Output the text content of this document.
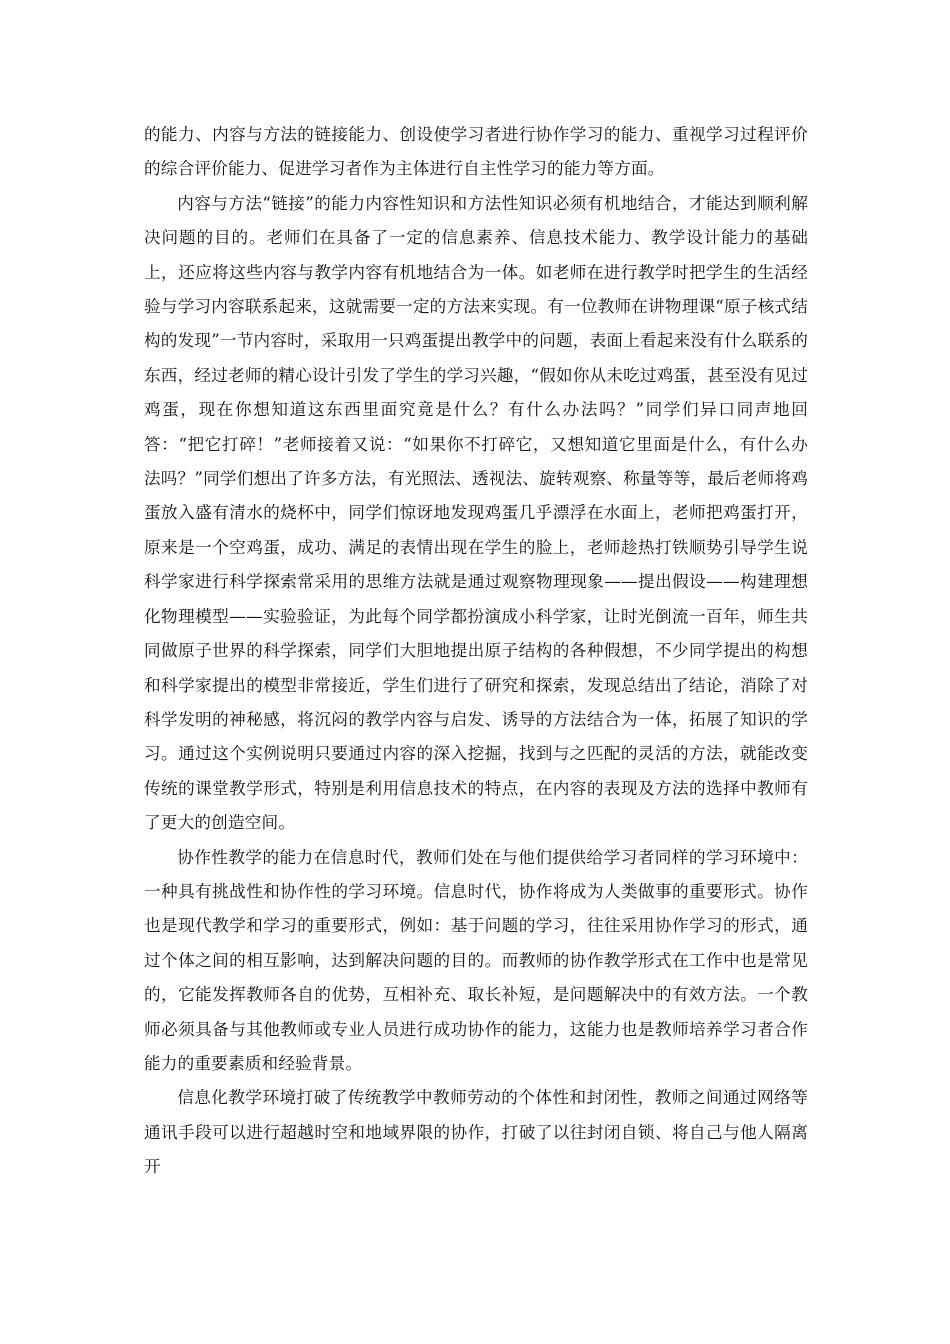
的能力、内容与方法的链接能力、创设使学习者进行协作学习的能力、重视学习过程评价的综合评价能力、促进学习者作为主体进行自主性学习的能力等方面。

内容与方法“链接”的能力内容性知识和方法性知识必须有机地结合，才能达到顺利解决问题的目的。老师们在具备了一定的信息素养、信息技术能力、教学设计能力的基础上，还应将这些内容与教学内容有机地结合为一体。如老师在进行教学时把学生的生活经验与学习内容联系起来，这就需要一定的方法来实现。有一位教师在讲物理课“原子核式结构的发现”一节内容时，采取用一只鸡蛋提出教学中的问题，表面上看起来没有什么联系的东西，经过老师的精心设计引发了学生的学习兴趣，“假如你从未吃过鸡蛋，甚至没有见过鸡蛋，现在你想知道这东西里面究竟是什么？有什么办法吗？”同学们异口同声地回答：“把它打碎！”老师接着又说：“如果你不打碎它，又想知道它里面是什么，有什么办法吗？”同学们想出了许多方法，有光照法、透视法、旋转观察、称量等等，最后老师将鸡蛋放入盛有清水的烧杯中，同学们惊讶地发现鸡蛋几乎漂浮在水面上，老师把鸡蛋打开，原来是一个空鸡蛋，成功、满足的表情出现在学生的脸上，老师趁热打铁顺势引导学生说科学家进行科学探索常采用的思维方法就是通过观察物理现象——提出假设——构建理想化物理模型——实验验证，为此每个同学都扮演成小科学家，让时光倒流一百年，师生共同做原子世界的科学探索，同学们大胆地提出原子结构的各种假想，不少同学提出的构想和科学家提出的模型非常接近，学生们进行了研究和探索，发现总结出了结论，消除了对科学发明的神秘感，将沉闷的教学内容与启发、诱导的方法结合为一体，拓展了知识的学习。通过这个实例说明只要通过内容的深入挖掘，找到与之匹配的灵活的方法，就能改变传统的课堂教学形式，特别是利用信息技术的特点，在内容的表现及方法的选择中教师有了更大的创造空间。

协作性教学的能力在信息时代，教师们处在与他们提供给学习者同样的学习环境中：一种具有挑战性和协作性的学习环境。信息时代，协作将成为人类做事的重要形式。协作也是现代教学和学习的重要形式，例如：基于问题的学习，往往采用协作学习的形式，通过个体之间的相互影响，达到解决问题的目的。而教师的协作教学形式在工作中也是常见的，它能发挥教师各自的优势，互相补充、取长补短，是问题解决中的有效方法。一个教师必须具备与其他教师或专业人员进行成功协作的能力，这能力也是教师培养学习者合作能力的重要素质和经验背景。

信息化教学环境打破了传统教学中教师劳动的个体性和封闭性，教师之间通过网络等通讯手段可以进行超越时空和地域界限的协作，打破了以往封闭自锁、将自己与他人隔离开
